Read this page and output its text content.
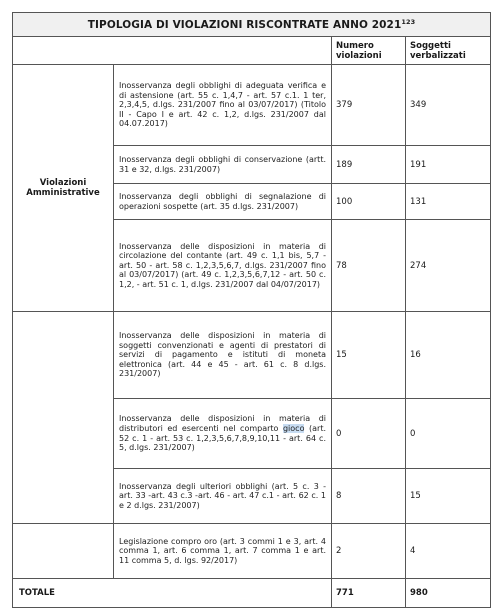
TIPOLOGIA DI VIOLAZIONI RISCONTRATE ANNO 2021$^{123}$
		Numero violazioni	Soggetti verbalizzati
Violazioni Amministrative	Inosservanza degli obblighi di adeguata verifica e di astensione (art. 55 c. 1,4,7 - art. 57 c.1. 1 ter, 2,3,4,5, d.lgs. 231/2007 fino al 03/07/2017) (Titolo II - Capo I e art. 42 c. 1,2, d.lgs. 231/2007 dal 04.07.2017)	379	349
	Inosservanza degli obblighi di conservazione (artt. 31 e 32, d.lgs. 231/2007)	189	191
	Inosservanza degli obblighi di segnalazione di operazioni sospette (art. 35 d.lgs. 231/2007)	100	131
	Inosservanza delle disposizioni in materia di circolazione del contante (art. 49 c. 1,1 bis, 5,7 - art. 50 - art. 58 c. 1,2,3,5,6,7, d.lgs. 231/2007 fino al 03/07/2017) (art. 49 c. 1,2,3,5,6,7,12 - art. 50 c. 1,2, - art. 51 c. 1, d.lgs. 231/2007 dal 04/07/2017)	78	274
	Inosservanza delle disposizioni in materia di soggetti convenzionati e agenti di prestatori di servizi di pagamento e istituti di moneta elettronica (art. 44 e 45 - art. 61 c. 8 d.lgs. 231/2007)	15	16
	Inosservanza delle disposizioni in materia di distributori ed esercenti nel comparto gioco (art. 52 c. 1 - art. 53 c. 1,2,3,5,6,7,8,9,10,11 - art. 64 c. 5, d.lgs. 231/2007)	0	0
	Inosservanza degli ulteriori obblighi (art. 5 c. 3 - art. 33 -art. 43 c.3 -art. 46 - art. 47 c.1 - art. 62 c. 1 e 2 d.lgs. 231/2007)	8	15
	Legislazione compro oro (art. 3 commi 1 e 3, art. 4 comma 1, art. 6 comma 1, art. 7 comma 1 e art. 11 comma 5, d. lgs. 92/2017)	2	4
TOTALE		771	980
